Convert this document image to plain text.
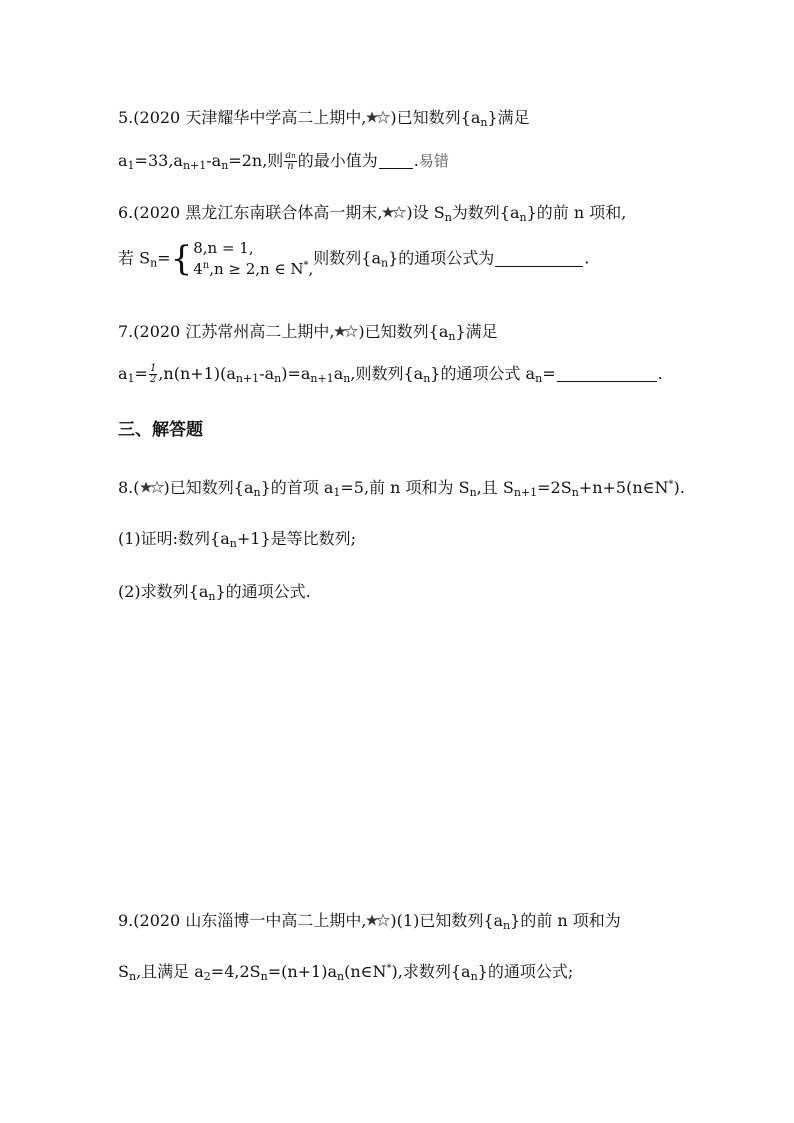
5.(2020 天津耀华中学高二上期中, )已知数列$\{a_n\}$满足
$a_1=33,a_{n+1}-a_n=2n$,则 $\frac{an}{n}$ 的最小值为 .易错
6.(2020 黑龙江东南联合体高一期末, )设 $S_n$为数列$\{a_n\}$的前 n 项和,
若 $S_n=$ { 8,n = 1,
$4^n,n \ge 2,n$ ∈ N*,
则数列$\{a_n\}$的通项公式为	.
7.(2020 江苏常州高二上期中, )已知数列$\{a_n\}$满足
$a_1= \frac{1}{2} ,n(n+1)(a_{n+1}-a_n)=a_{n+1}a_n$,则数列$\{a_n\}$的通项公式 $a_n=$	.
三、解答题
8.( )已知数列$\{a_n\}$的首项 $a_1=5$,前 n 项和为 $S_n$,且 $S_{n+1}=2S_n+n+5(n\in N^*)$.
(1)证明:数列$\{a_n+1\}$是等比数列;
(2)求数列$\{a_n\}$的通项公式.
9.(2020 山东淄博一中高二上期中, )(1)已知数列$\{a_n\}$的前 n 项和为
$S_n$,且满足 $a_2=4,2S_n=(n+1)a_n(n\in N^*)$,求数列$\{a_n\}$的通项公式;
